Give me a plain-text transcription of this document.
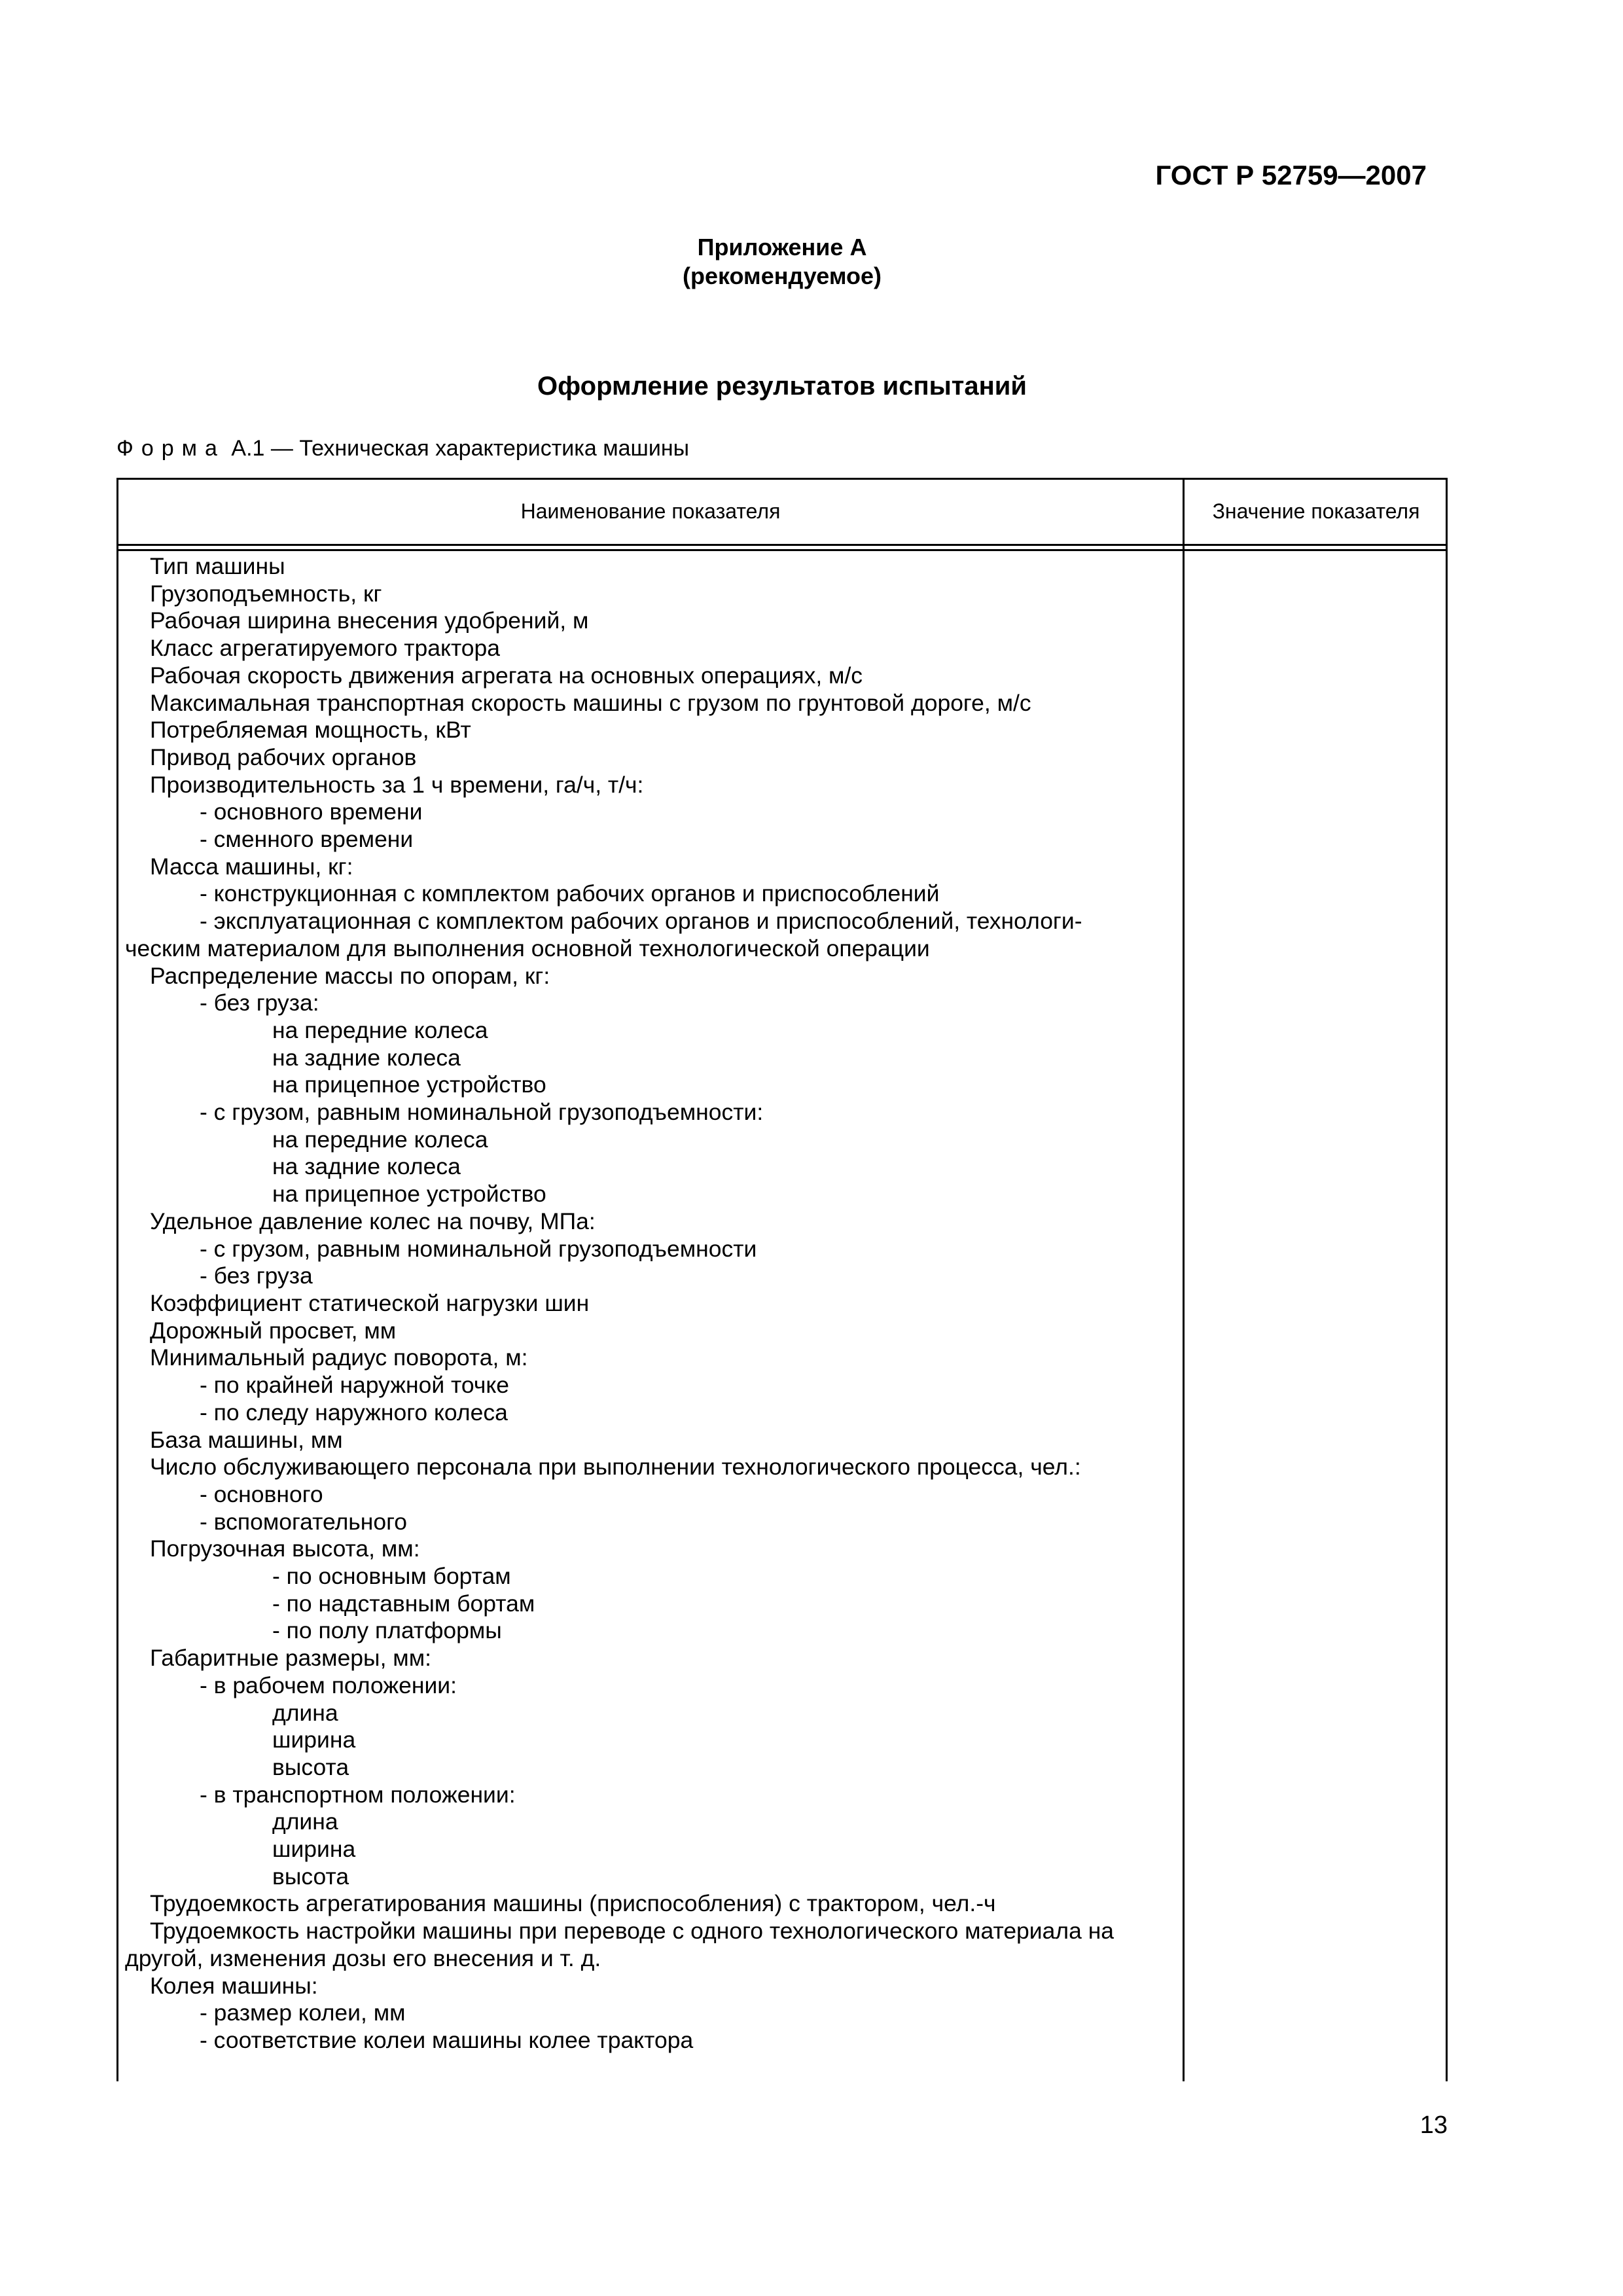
ГОСТ Р 52759—2007
Приложение А
(рекомендуемое)
Оформление результатов испытаний
Форма А.1 — Техническая характеристика машины
Наименование показателя	Значение показателя
Тип машины
Грузоподъемность, кг
Рабочая ширина внесения удобрений, м
Класс агрегатируемого трактора
Рабочая скорость движения агрегата на основных операциях, м/с
Максимальная транспортная скорость машины с грузом по грунтовой дороге, м/с
Потребляемая мощность, кВт
Привод рабочих органов
Производительность за 1 ч времени, га/ч, т/ч:
- основного времени
- сменного времени
Масса машины, кг:
- конструкционная с комплектом рабочих органов и приспособлений
- эксплуатационная с комплектом рабочих органов и приспособлений, технологи-
ческим материалом для выполнения основной технологической операции
Распределение массы по опорам, кг:
- без груза:
на передние колеса
на задние колеса
на прицепное устройство
- с грузом, равным номинальной грузоподъемности:
на передние колеса
на задние колеса
на прицепное устройство
Удельное давление колес на почву, МПа:
- с грузом, равным номинальной грузоподъемности
- без груза
Коэффициент статической нагрузки шин
Дорожный просвет, мм
Минимальный радиус поворота, м:
- по крайней наружной точке
- по следу наружного колеса
База машины, мм
Число обслуживающего персонала при выполнении технологического процесса, чел.:
- основного
- вспомогательного
Погрузочная высота, мм:
- по основным бортам
- по надставным бортам
- по полу платформы
Габаритные размеры, мм:
- в рабочем положении:
длина
ширина
высота
- в транспортном положении:
длина
ширина
высота
Трудоемкость агрегатирования машины (приспособления) с трактором, чел.-ч
Трудоемкость настройки машины при переводе с одного технологического материала на
другой, изменения дозы его внесения и т. д.
Колея машины:
- размер колеи, мм
- соответствие колеи машины колее трактора
13
